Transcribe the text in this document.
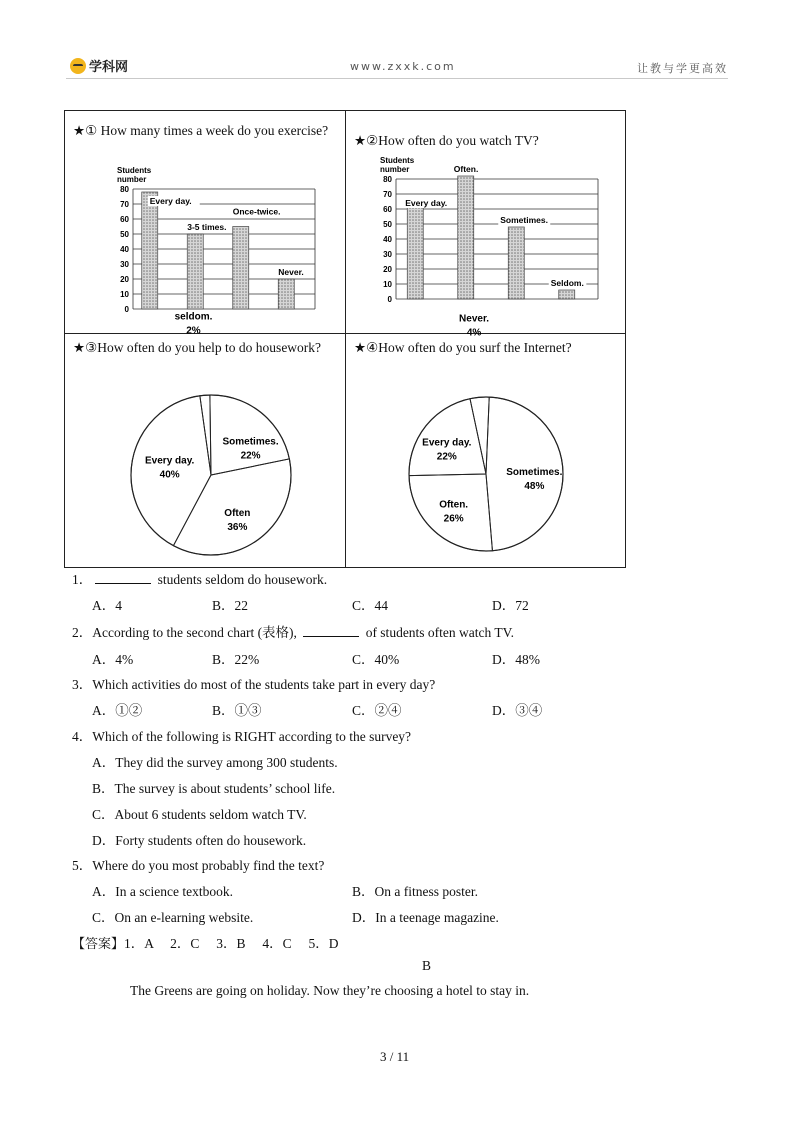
学科网	www.zxxk.com	让教与学更高效
★① How many times a week do you exercise?
Students
number
0
10
20
30
40
50
60
70
80
Every day.
3-5 times.
Once-twice.
Never.
★②How often do you watch TV?
Students
number
0
10
20
30
40
50
60
70
80
Every day.
Often.
Sometimes.
Seldom.
★③How often do you help to do housework?
seldom.
2%
Sometimes.
22%
Often
36%
Every day.
40%
★④How often do you surf the Internet?
Never.
4%
Sometimes.
48%
Often.
26%
Every day.
22%
1．	students seldom do housework.
A．4	B．22	C．44	D．72
2．According to the second chart (表格),	of students often watch TV.
A．4%	B．22%	C．40%	D．48%
3．Which activities do most of the students take part in every day?
A．①②	B．①③	C．②④	D．③④
4．Which of the following is RIGHT according to the survey?
A．They did the survey among 300 students.
B．The survey is about students’ school life.
C．About 6 students seldom watch TV.
D．Forty students often do housework.
5．Where do you most probably find the text?
A．In a science textbook.	B．On a fitness poster.
C．On an e-learning website.	D．In a teenage magazine.
【答案】1．A　 2．C　 3．B　 4．C　 5．D
B
The Greens are going on holiday. Now they’re choosing a hotel to stay in.
3 / 11
